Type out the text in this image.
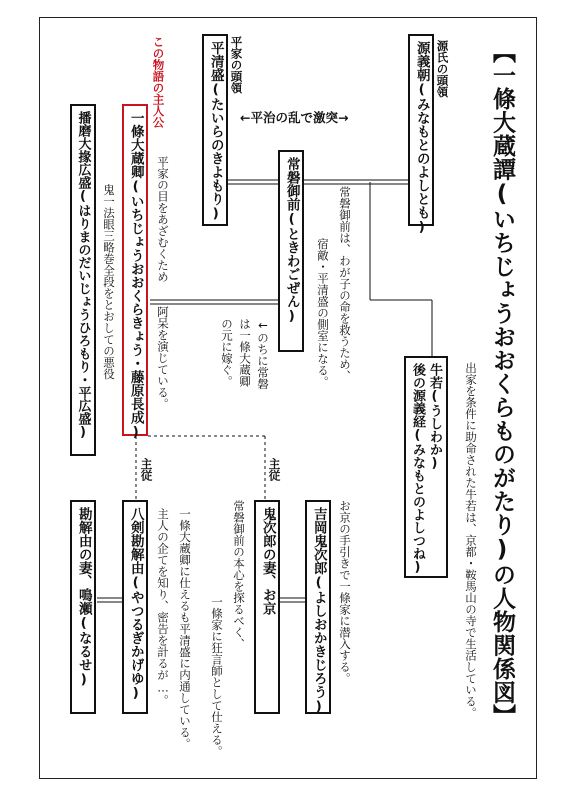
【一條大蔵譚(いちじょうおおくらものがたり)の人物関係図】
源氏の頭領
源義朝(みなもとのよしとも)
←平治の乱で激突→
平家の頭領
平清盛(たいらのきよもり)
常磐御前(ときわごぜん)	常磐御前は、わが子の命を救うため、
宿敵・平清盛の側室になる。
←のちに常磐
は一條大蔵卿
の元に嫁ぐ。
牛若(うしわか)
後の源義経(みなもとのよしつね)	出家を条件に助命された牛若は、京都・鞍馬山の寺で生活している。
この物語の主人公
一條大蔵卿(いちじょうおおくらきょう・藤原長成) 平家の目をあざむくため
阿呆を演じている。
播磨大掾広盛(はりまのだいじょうひろもり・平広盛) 鬼一法眼三略巻全段をとおしての悪役
主従	主従
吉岡鬼次郎(よしおかきじろう) お京の手引きで一條家に潜入する。
鬼次郎の妻、お京
常磐御前の本心を探るべく、
一條家に狂言師として仕える。
八剣勘解由(やつるぎかげゆ)	一條大蔵卿に仕えるも平清盛に内通している。
主人の企てを知り、密告を計るが…。
勘解由の妻、鳴瀬(なるせ)
